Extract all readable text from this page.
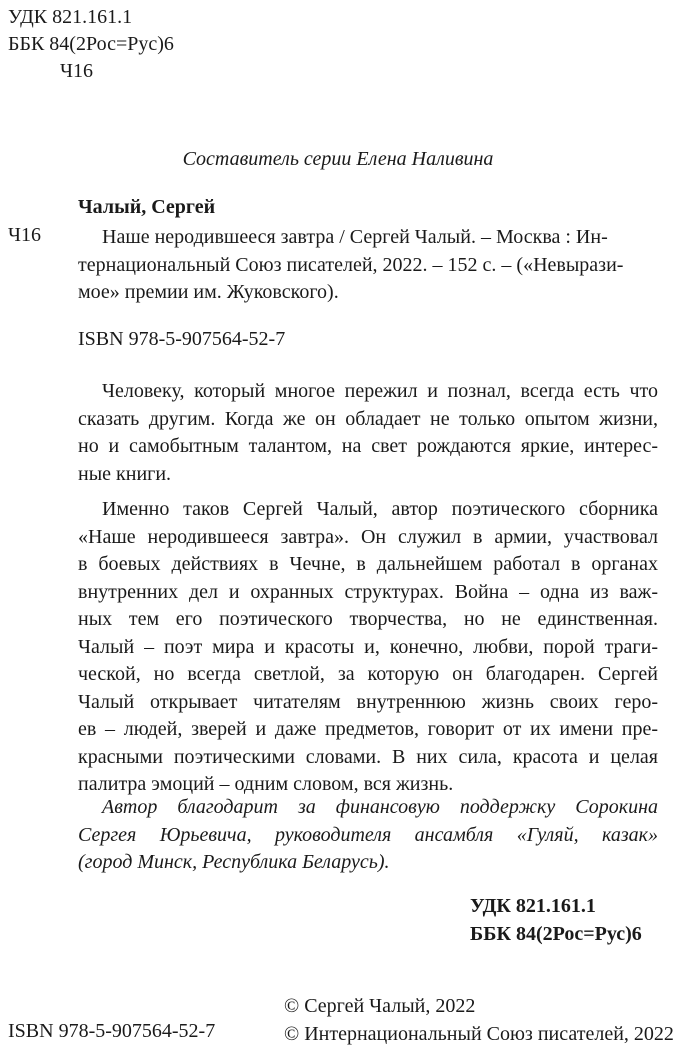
УДК 821.161.1
ББК 84(2Рос=Рус)6
Ч16
Составитель серии Елена Наливина
Чалый, Сергей
Ч16	Наше неродившееся завтра / Сергей Чалый. – Москва : Ин-
тернациональный Союз писателей, 2022. – 152 с. – («Невырази-
мое» премии им. Жуковского).
ISBN 978-5-907564-52-7
Человеку, который многое пережил и познал, всегда есть что
сказать другим. Когда же он обладает не только опытом жизни,
но и самобытным талантом, на свет рождаются яркие, интерес-
ные книги.
Именно таков Сергей Чалый, автор поэтического сборника
«Наше неродившееся завтра». Он служил в армии, участвовал
в боевых действиях в Чечне, в дальнейшем работал в органах
внутренних дел и охранных структурах. Война – одна из важ-
ных тем его поэтического творчества, но не единственная.
Чалый – поэт мира и красоты и, конечно, любви, порой траги-
ческой, но всегда светлой, за которую он благодарен. Сергей
Чалый открывает читателям внутреннюю жизнь своих геро-
ев – людей, зверей и даже предметов, говорит от их имени пре-
красными поэтическими словами. В них сила, красота и целая
палитра эмоций – одним словом, вся жизнь.
Автор благодарит за финансовую поддержку Сорокина
Сергея Юрьевича, руководителя ансамбля «Гуляй, казак»
(город Минск, Республика Беларусь).
УДК 821.161.1
ББК 84(2Рос=Рус)6
© Сергей Чалый, 2022
© Интернациональный Союз писателей, 2022
ISBN 978-5-907564-52-7
